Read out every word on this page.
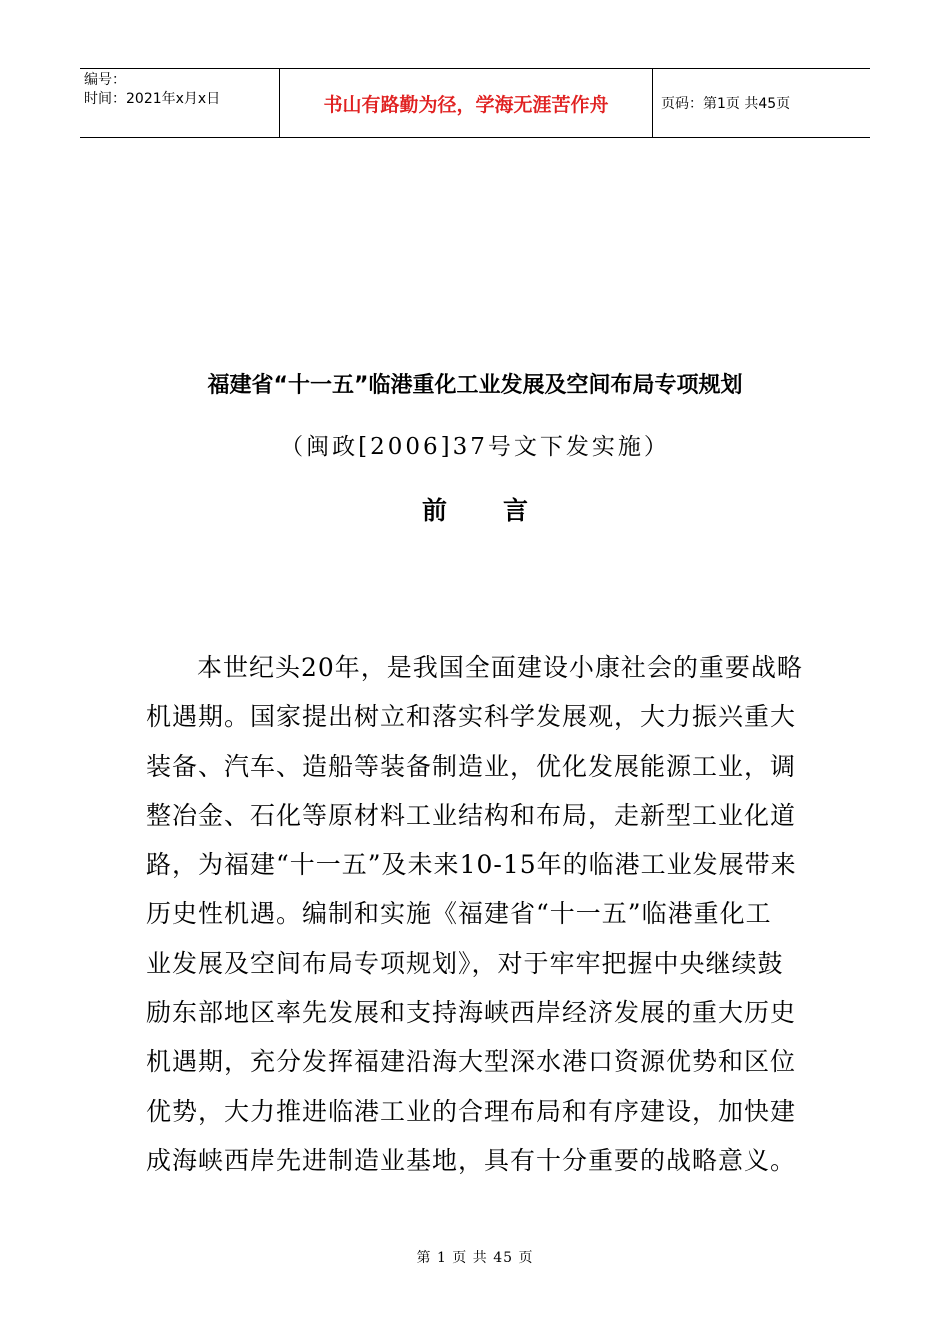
编号：
时间：2021年x月x日	书山有路勤为径，学海无涯苦作舟	页码：第1页 共45页
福建省“十一五”临港重化工业发展及空间布局专项规划
（闽政[2006]37号文下发实施）
前 言
本世纪头20年，是我国全面建设小康社会的重要战略
机遇期。国家提出树立和落实科学发展观，大力振兴重大
装备、汽车、造船等装备制造业，优化发展能源工业，调
整冶金、石化等原材料工业结构和布局，走新型工业化道
路，为福建“十一五”及未来10-15年的临港工业发展带来
历史性机遇。编制和实施《福建省“十一五”临港重化工
业发展及空间布局专项规划》，对于牢牢把握中央继续鼓
励东部地区率先发展和支持海峡西岸经济发展的重大历史
机遇期，充分发挥福建沿海大型深水港口资源优势和区位
优势，大力推进临港工业的合理布局和有序建设，加快建
成海峡西岸先进制造业基地，具有十分重要的战略意义。
第 1 页 共 45 页
